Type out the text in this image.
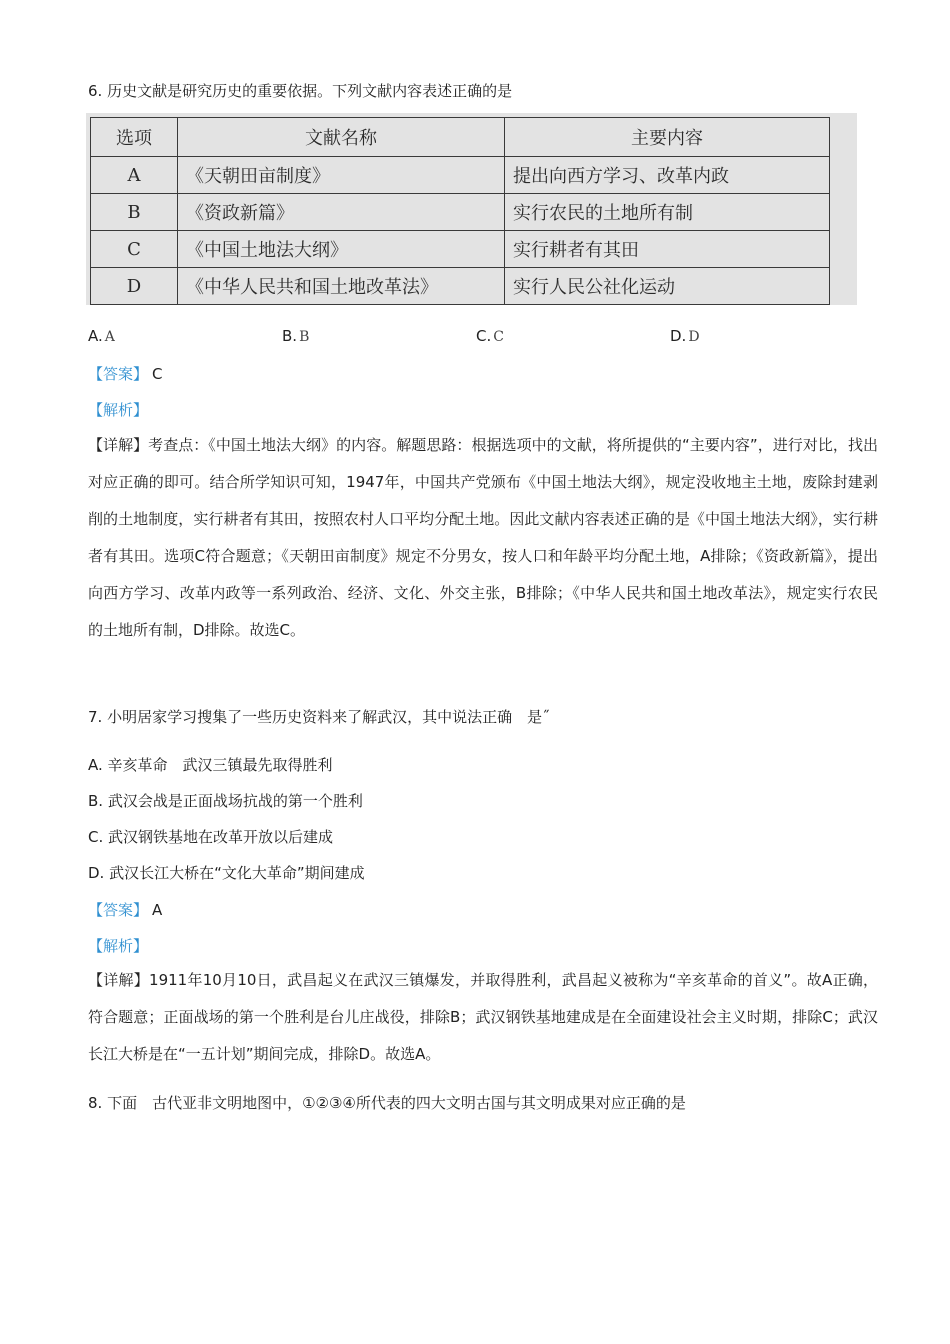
6. 历史文献是研究历史的重要依据。下列文献内容表述正确的是
选项	文献名称	主要内容
A	《天朝田亩制度》	提出向西方学习、改革内政
B	《资政新篇》	实行农民的土地所有制
C	《中国土地法大纲》	实行耕者有其田
D	《中华人民共和国土地改革法》	实行人民公社化运动
A. A	B. B	C. C	D. D
【答案】 C
【解析】
【详解】考查点：《中国土地法大纲》的内容。解题思路：根据选项中的文献，将所提供的“主要内容”，进行对比，找出对应正确的即可。结合所学知识可知，1947年，中国共产党颁布《中国土地法大纲》，规定没收地主土地，废除封建剥削的土地制度，实行耕者有其田，按照农村人口平均分配土地。因此文献内容表述正确的是《中国土地法大纲》，实行耕者有其田。选项C符合题意；《天朝田亩制度》规定不分男女，按人口和年龄平均分配土地，A排除；《资政新篇》，提出向西方学习、改革内政等一系列政治、经济、文化、外交主张，B排除；《中华人民共和国土地改革法》，规定实行农民的土地所有制，D排除。故选C。
7. 小明居家学习搜集了一些历史资料来了解武汉，其中说法正确　是˝
A. 辛亥革命　武汉三镇最先取得胜利
B. 武汉会战是正面战场抗战的第一个胜利
C. 武汉钢铁基地在改革开放以后建成
D. 武汉长江大桥在“文化大革命”期间建成
【答案】 A
【解析】
【详解】1911年10月10日，武昌起义在武汉三镇爆发，并取得胜利，武昌起义被称为“辛亥革命的首义”。故A正确，符合题意；正面战场的第一个胜利是台儿庄战役，排除B；武汉钢铁基地建成是在全面建设社会主义时期，排除C；武汉长江大桥是在“一五计划”期间完成，排除D。故选A。
8. 下面　古代亚非文明地图中，①②③④所代表的四大文明古国与其文明成果对应正确的是
